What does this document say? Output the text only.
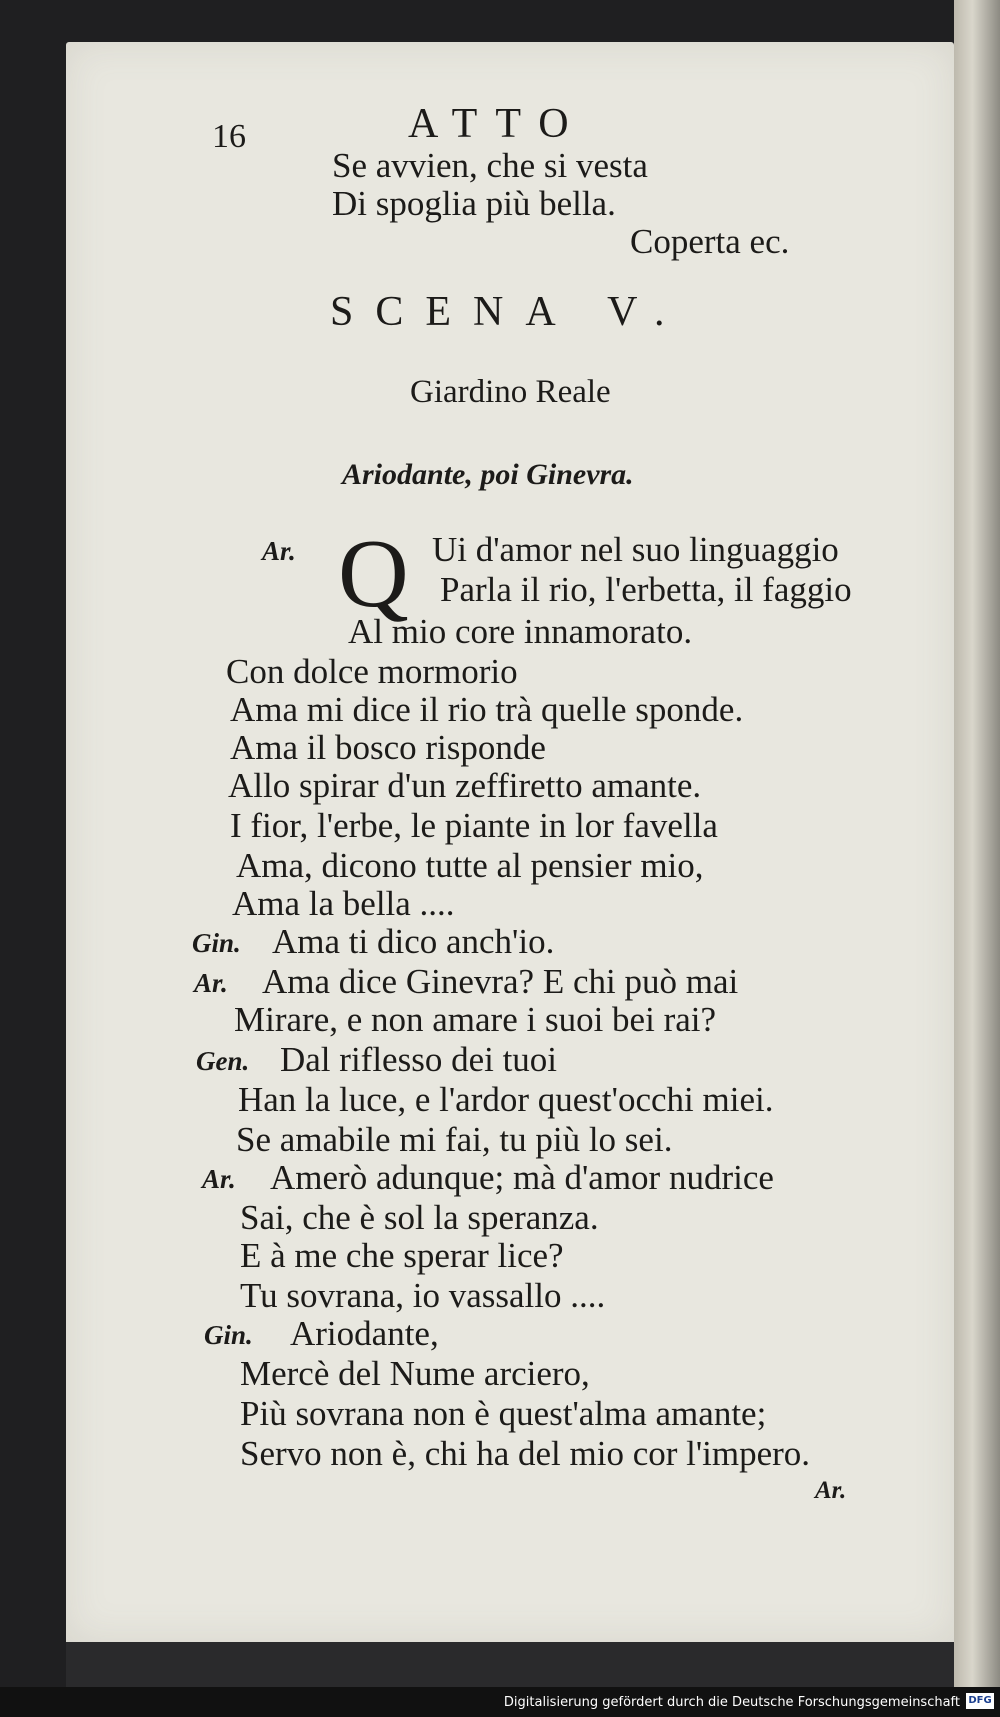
16	ATTO
Se avvien, che si vesta
Di spoglia più bella.
Coperta ec.
SCENA V.
Giardino Reale
Ariodante, poi Ginevra.
Q
Ar.	Ui d'amor nel suo linguaggio
Parla il rio, l'erbetta, il faggio
Al mio core innamorato.
Con dolce mormorio
Ama mi dice il rio trà quelle sponde.
Ama il bosco risponde
Allo spirar d'un zeffiretto amante.
I fior, l'erbe, le piante in lor favella
Ama, dicono tutte al pensier mio,
Ama la bella ....
Gin. Ama ti dico anch'io.
Ar. Ama dice Ginevra? E chi può mai
Mirare, e non amare i suoi bei rai?
Gen. Dal riflesso dei tuoi
Han la luce, e l'ardor quest'occhi miei.
Se amabile mi fai, tu più lo sei.
Ar. Amerò adunque; mà d'amor nudrice
Sai, che è sol la speranza.
E à me che sperar lice?
Tu sovrana, io vassallo ....
Gin. Ariodante,
Mercè del Nume arciero,
Più sovrana non è quest'alma amante;
Servo non è, chi ha del mio cor l'impero.
Ar.
Digitalisierung gefördert durch die Deutsche Forschungsgemeinschaft DFG
